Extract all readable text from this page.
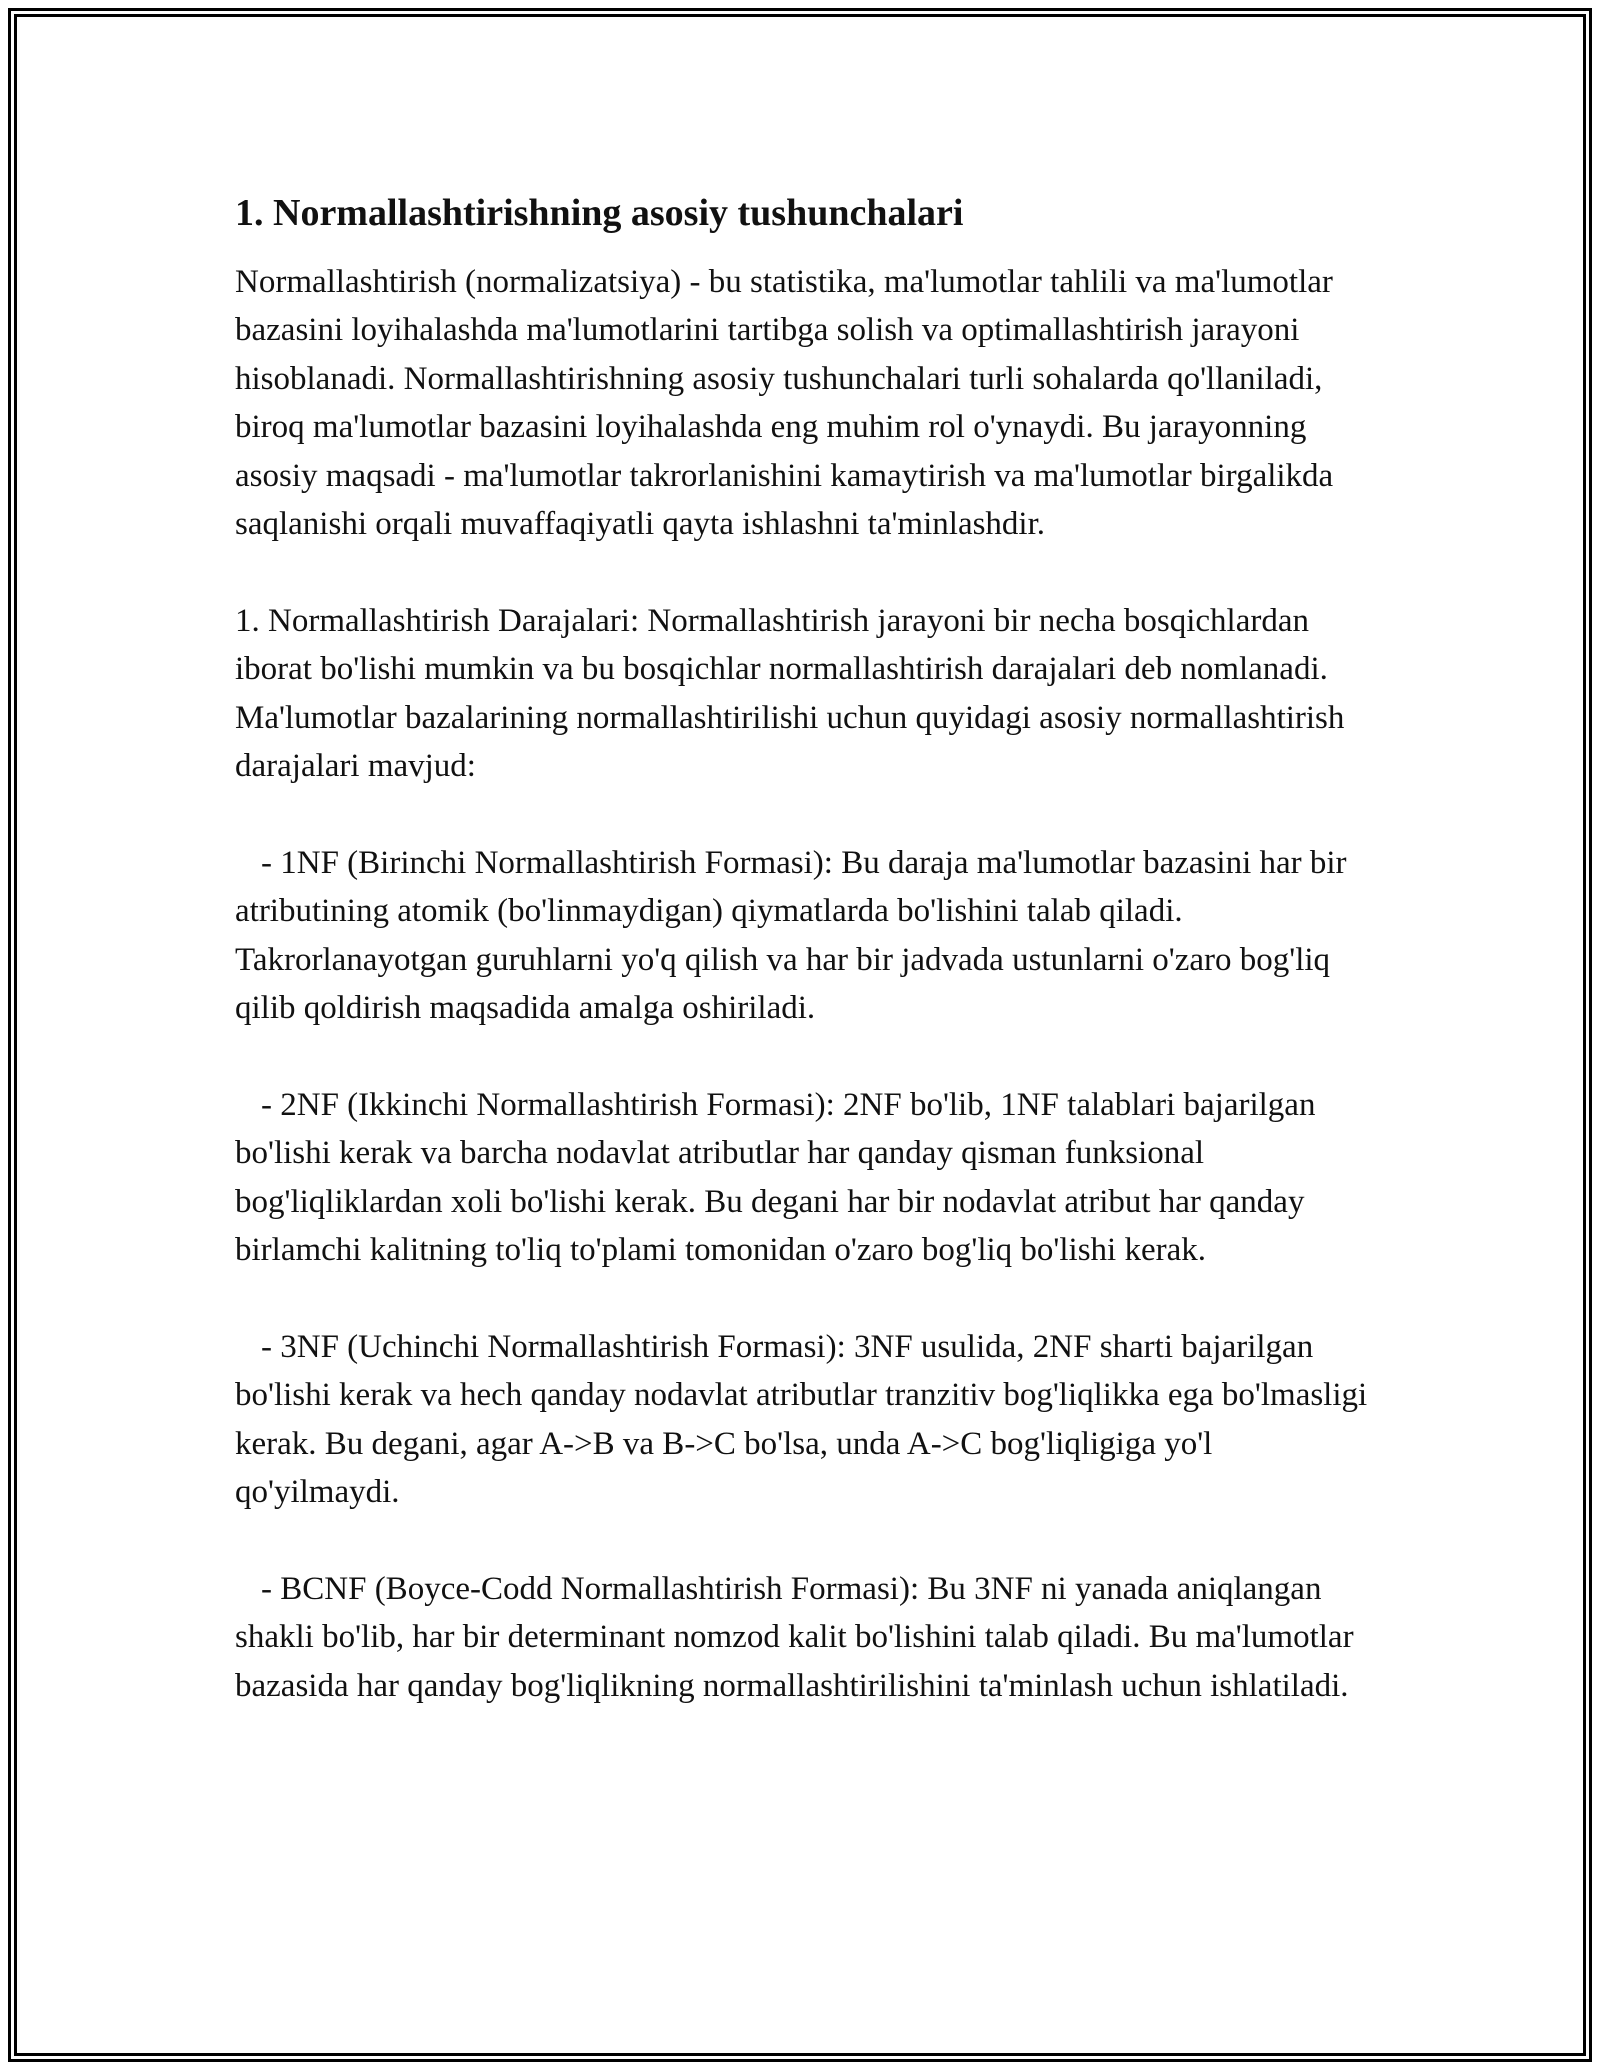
1. Normallashtirishning asosiy tushunchalari

Normallashtirish (normalizatsiya) - bu statistika, ma'lumotlar tahlili va ma'lumotlar bazasini loyihalashda ma'lumotlarini tartibga solish va optimallashtirish jarayoni hisoblanadi. Normallashtirishning asosiy tushunchalari turli sohalarda qo'llaniladi, biroq ma'lumotlar bazasini loyihalashda eng muhim rol o'ynaydi. Bu jarayonning asosiy maqsadi - ma'lumotlar takrorlanishini kamaytirish va ma'lumotlar birgalikda saqlanishi orqali muvaffaqiyatli qayta ishlashni ta'minlashdir.

1. Normallashtirish Darajalari: Normallashtirish jarayoni bir necha bosqichlardan iborat bo'lishi mumkin va bu bosqichlar normallashtirish darajalari deb nomlanadi. Ma'lumotlar bazalarining normallashtirilishi uchun quyidagi asosiy normallashtirish darajalari mavjud:

- 1NF (Birinchi Normallashtirish Formasi): Bu daraja ma'lumotlar bazasini har bir atributining atomik (bo'linmaydigan) qiymatlarda bo'lishini talab qiladi. Takrorlanayotgan guruhlarni yo'q qilish va har bir jadvada ustunlarni o'zaro bog'liq qilib qoldirish maqsadida amalga oshiriladi.

- 2NF (Ikkinchi Normallashtirish Formasi): 2NF bo'lib, 1NF talablari bajarilgan bo'lishi kerak va barcha nodavlat atributlar har qanday qisman funksional bog'liqliklardan xoli bo'lishi kerak. Bu degani har bir nodavlat atribut har qanday birlamchi kalitning to'liq to'plami tomonidan o'zaro bog'liq bo'lishi kerak.

- 3NF (Uchinchi Normallashtirish Formasi): 3NF usulida, 2NF sharti bajarilgan bo'lishi kerak va hech qanday nodavlat atributlar tranzitiv bog'liqlikka ega bo'lmasligi kerak. Bu degani, agar A->B va B->C bo'lsa, unda A->C bog'liqligiga yo'l qo'yilmaydi.

- BCNF (Boyce-Codd Normallashtirish Formasi): Bu 3NF ni yanada aniqlangan shakli bo'lib, har bir determinant nomzod kalit bo'lishini talab qiladi. Bu ma'lumotlar bazasida har qanday bog'liqlikning normallashtirilishini ta'minlash uchun ishlatiladi.
